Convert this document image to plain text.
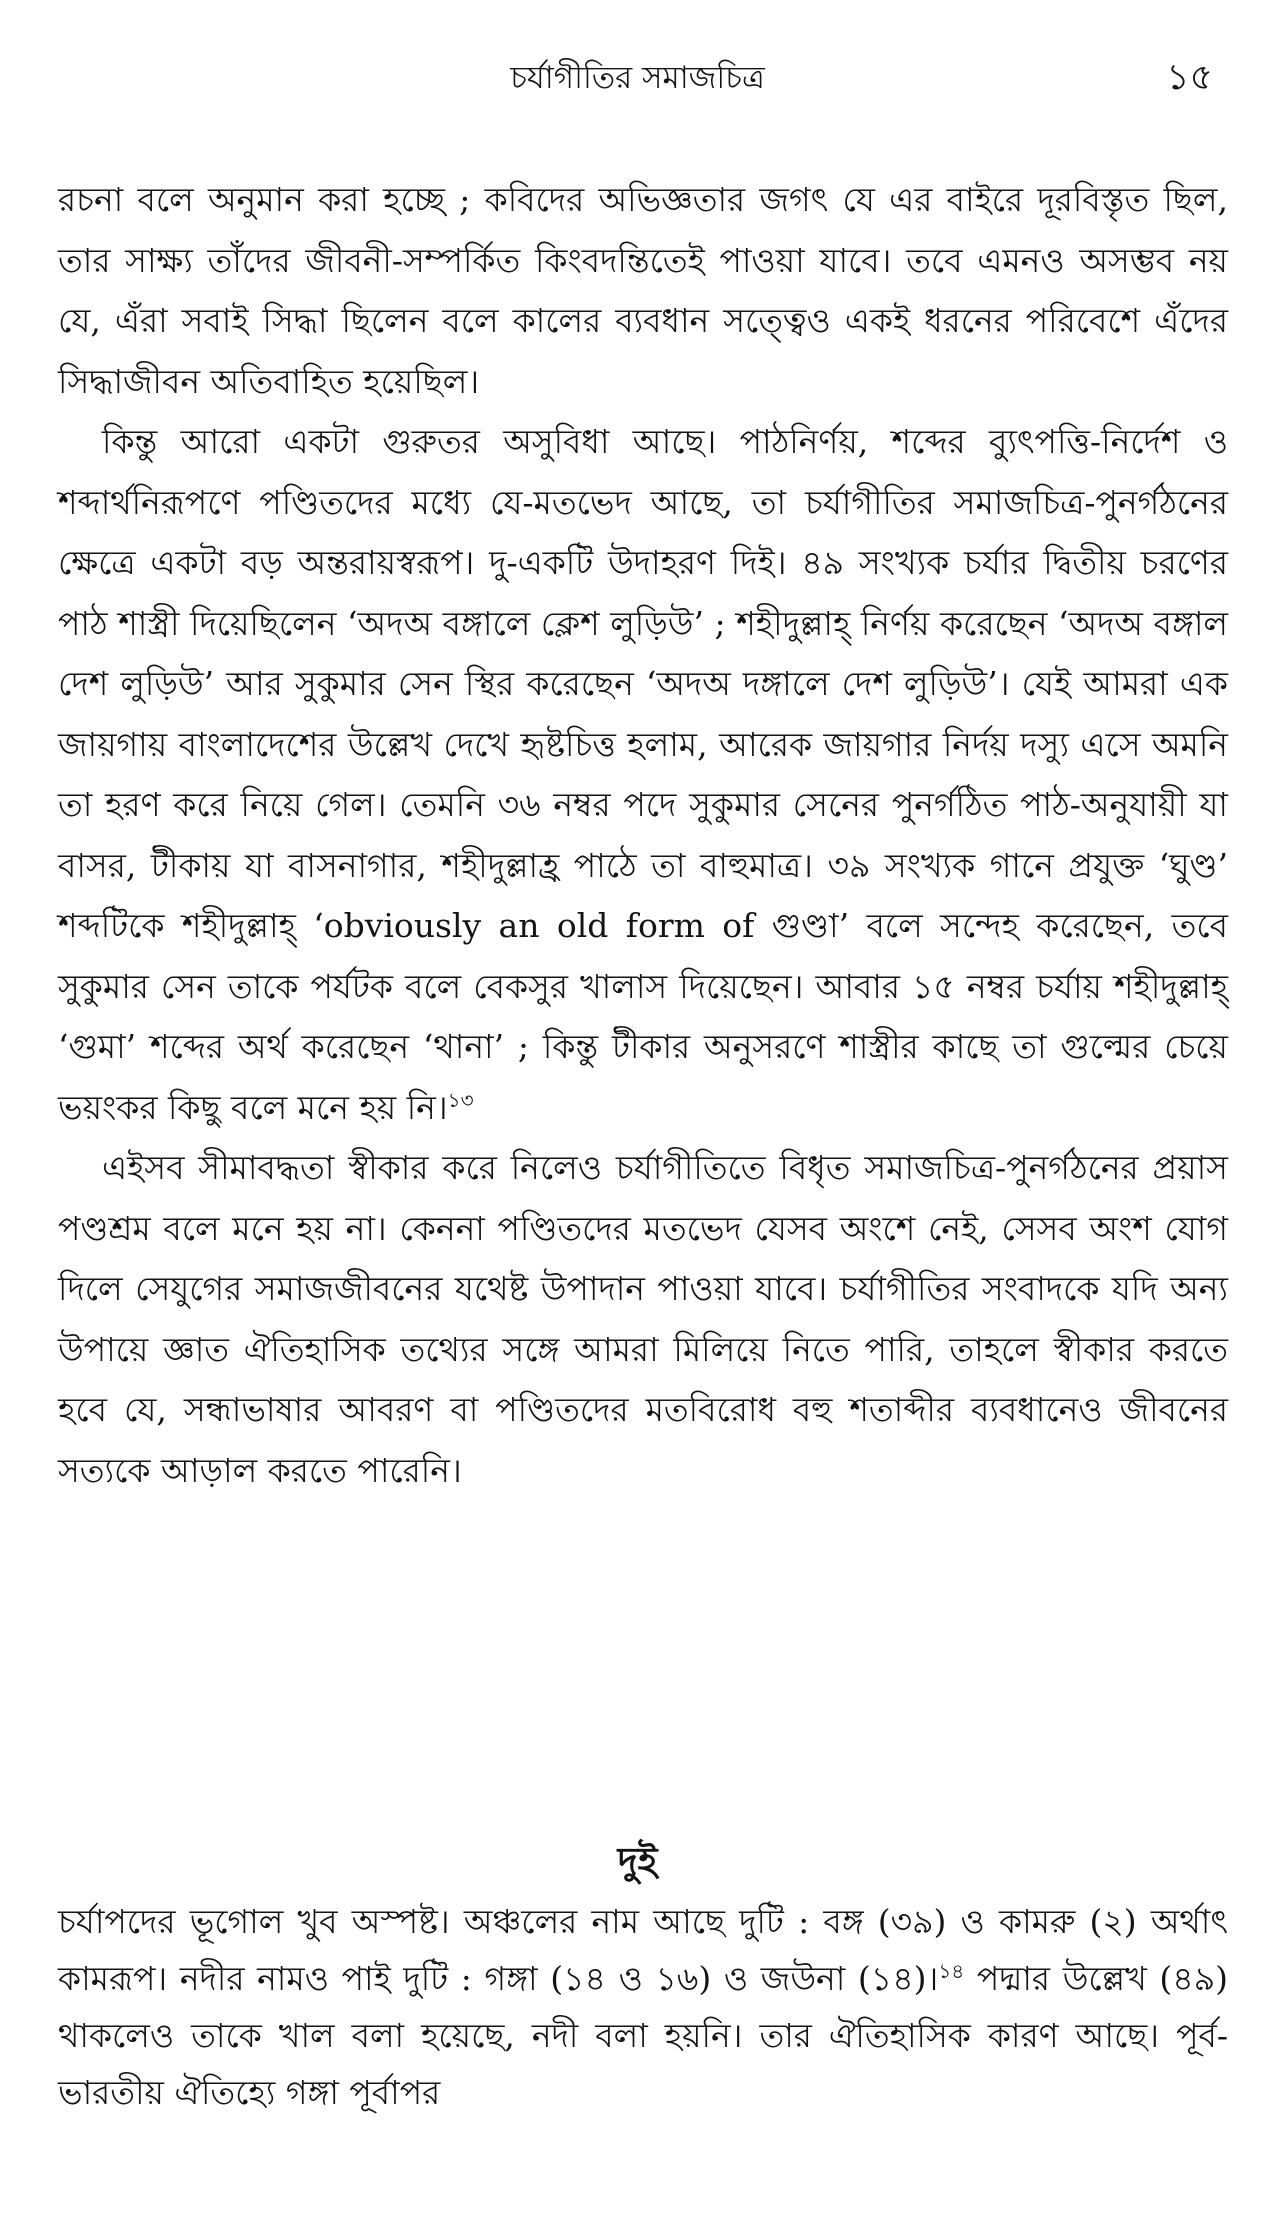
চর্যাগীতির সমাজচিত্র	১৫

রচনা বলে অনুমান করা হচ্ছে ; কবিদের অভিজ্ঞতার জগৎ যে এর বাইরে দূরবিস্তৃত ছিল, তার সাক্ষ্য তাঁদের জীবনী-সম্পর্কিত কিংবদন্তিতেই পাওয়া যাবে। তবে এমনও অসম্ভব নয় যে, এঁরা সবাই সিদ্ধা ছিলেন বলে কালের ব্যবধান সত্ত্বেও একই ধরনের পরিবেশে এঁদের সিদ্ধাজীবন অতিবাহিত হয়েছিল।

কিন্তু আরো একটা গুরুতর অসুবিধা আছে। পাঠনির্ণয়, শব্দের ব্যুৎপত্তি-নির্দেশ ও শব্দার্থনিরূপণে পণ্ডিতদের মধ্যে যে-মতভেদ আছে, তা চর্যাগীতির সমাজচিত্র-পুনর্গঠনের ক্ষেত্রে একটা বড় অন্তরায়স্বরূপ। দু-একটি উদাহরণ দিই। ৪৯ সংখ্যক চর্যার দ্বিতীয় চরণের পাঠ শাস্ত্রী দিয়েছিলেন ‘অদঅ বঙ্গালে ক্লেশ লুড়িউ’ ; শহীদুল্লাহ্ নির্ণয় করেছেন ‘অদঅ বঙ্গাল দেশ লুড়িউ’ আর সুকুমার সেন স্থির করেছেন ‘অদঅ দঙ্গালে দেশ লুড়িউ’। যেই আমরা এক জায়গায় বাংলাদেশের উল্লেখ দেখে হৃষ্টচিত্ত হলাম, আরেক জায়গার নির্দয় দস্যু এসে অমনি তা হরণ করে নিয়ে গেল। তেমনি ৩৬ নম্বর পদে সুকুমার সেনের পুনর্গঠিত পাঠ-অনুযায়ী যা বাসর, টীকায় যা বাসনাগার, শহীদুল্লাহ্র পাঠে তা বাহুমাত্র। ৩৯ সংখ্যক গানে প্রযুক্ত ‘ঘুণ্ড’ শব্দটিকে শহীদুল্লাহ্ ‘obviously an old form of গুণ্ডা’ বলে সন্দেহ করেছেন, তবে সুকুমার সেন তাকে পর্যটক বলে বেকসুর খালাস দিয়েছেন। আবার ১৫ নম্বর চর্যায় শহীদুল্লাহ্ ‘গুমা’ শব্দের অর্থ করেছেন ‘থানা’ ; কিন্তু টীকার অনুসরণে শাস্ত্রীর কাছে তা গুল্মের চেয়ে ভয়ংকর কিছু বলে মনে হয় নি।$^{১৩}$

এইসব সীমাবদ্ধতা স্বীকার করে নিলেও চর্যাগীতিতে বিধৃত সমাজচিত্র-পুনর্গঠনের প্রয়াস পণ্ডশ্রম বলে মনে হয় না। কেননা পণ্ডিতদের মতভেদ যেসব অংশে নেই, সেসব অংশ যোগ দিলে সেযুগের সমাজজীবনের যথেষ্ট উপাদান পাওয়া যাবে। চর্যাগীতির সংবাদকে যদি অন্য উপায়ে জ্ঞাত ঐতিহাসিক তথ্যের সঙ্গে আমরা মিলিয়ে নিতে পারি, তাহলে স্বীকার করতে হবে যে, সন্ধাভাষার আবরণ বা পণ্ডিতদের মতবিরোধ বহু শতাব্দীর ব্যবধানেও জীবনের সত্যকে আড়াল করতে পারেনি।

দুই

চর্যাপদের ভূগোল খুব অস্পষ্ট। অঞ্চলের নাম আছে দুটি : বঙ্গ (৩৯) ও কামরু (২) অর্থাৎ কামরূপ। নদীর নামও পাই দুটি : গঙ্গা (১৪ ও ১৬) ও জউনা (১৪)।$^{১৪}$ পদ্মার উল্লেখ (৪৯) থাকলেও তাকে খাল বলা হয়েছে, নদী বলা হয়নি। তার ঐতিহাসিক কারণ আছে। পূর্ব-ভারতীয় ঐতিহ্যে গঙ্গা পূর্বাপর
